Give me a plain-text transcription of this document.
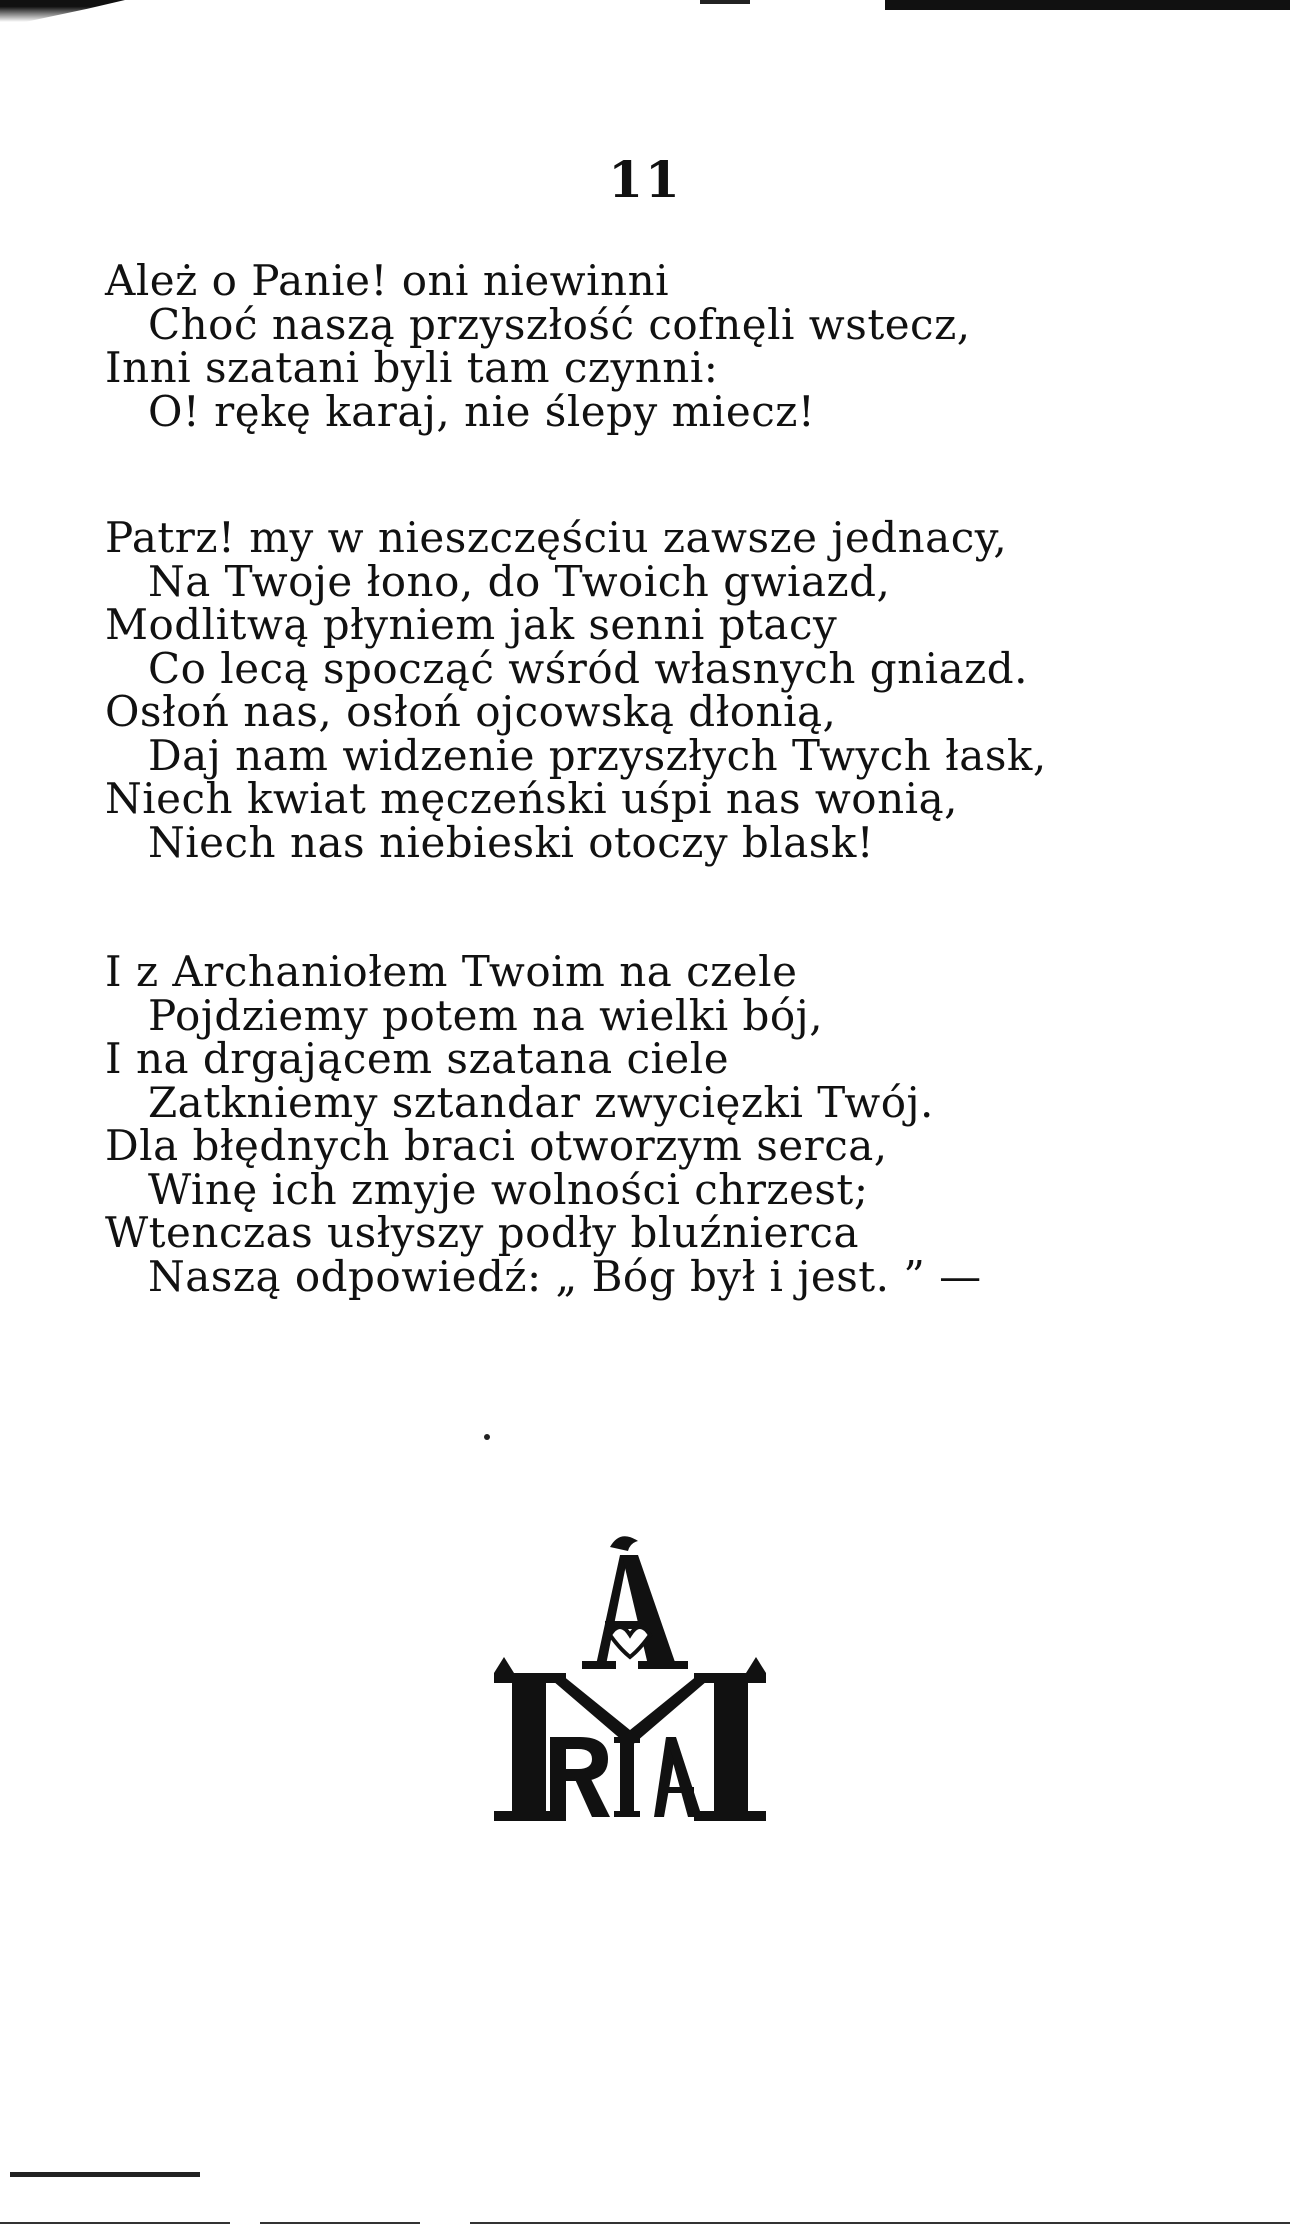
11
Ależ o Panie! oni niewinni
Choć naszą przyszłość cofnęli wstecz,
Inni szatani byli tam czynni:
O! rękę karaj, nie ślepy miecz!
Patrz! my w nieszczęściu zawsze jednacy,
Na Twoje łono, do Twoich gwiazd,
Modlitwą płyniem jak senni ptacy
Co lecą spocząć wśród własnych gniazd.
Osłoń nas, osłoń ojcowską dłonią,
Daj nam widzenie przyszłych Twych łask,
Niech kwiat męczeński uśpi nas wonią,
Niech nas niebieski otoczy blask!
I z Archaniołem Twoim na czele
Pojdziemy potem na wielki bój,
I na drgającem szatana ciele
Zatkniemy sztandar zwycięzki Twój.
Dla błędnych braci otworzym serca,
Winę ich zmyje wolności chrzest;
Wtenczas usłyszy podły bluźnierca
Naszą odpowiedź: „ Bóg był i jest. ” —
